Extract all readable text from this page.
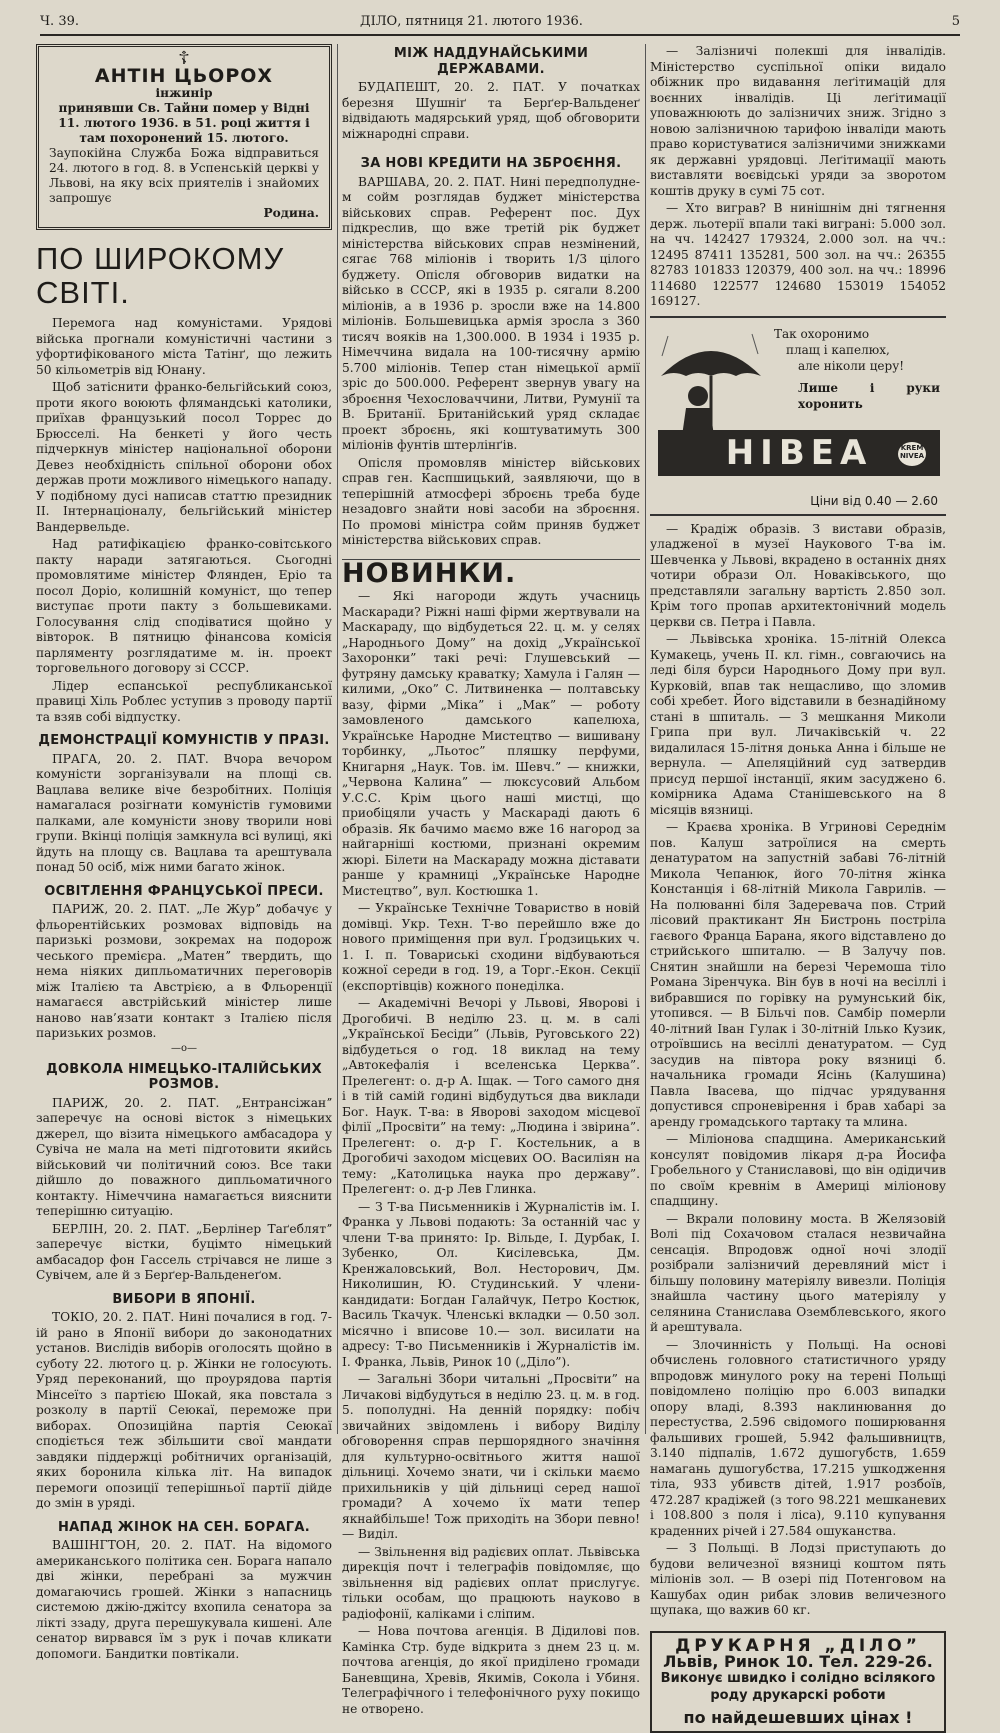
Ч. 39.	ДІЛО, пятниця 21. лютого 1936.	5
☦
АНТІН ЦЬОРОХ
інжинір
принявши Св. Тайни помер у Відні 11. лютого 1936. в 51. році життя і там похоронений 15. лютого.
Заупокійна Служба Божа відправиться 24. лютого в год. 8. в Успенській церкві у Львові, на яку всіх приятелів і знайомих запрошує
Родина.
ПО ШИРОКОМУ СВІТІ.

Перемога над комуністами. Урядові війська прогнали комуністичні частини з уфортифікованого міста Татінґ, що лежить 50 кільометрів від Юнану.

Щоб затіснити франко-бельгійський союз, проти якого воюють флямандські католики, приїхав французький посол Торрес до Брюсселі. На бенкеті у його честь підчеркнув міністер національної оборони Девез необхідність спільної оборони обох держав проти можливого німецького нападу. У подібному дусі написав статтю президник II. Інтернаціоналу, бельгійський міністер Вандервельде.

Над ратифікацією франко-совітського пакту наради затягаються. Сьогодні промовлятиме міністер Флянден, Еріо та посол Доріо, колишній комуніст, що тепер виступає проти пакту з большевиками. Голосування слід сподіватися щойно у вівторок. В пятницю фінансова комісія парляменту розглядатиме м. ін. проект торговельного договору зі СССР.

Лідер еспанської республиканської правиці Хіль Роблес уступив з проводу партії та взяв собі відпустку.

ДЕМОНСТРАЦІЇ КОМУНІСТІВ У ПРАЗІ.

ПРАГА, 20. 2. ПАТ. Вчора вечором комуністи зорганізували на площі св. Вацлава велике віче безробітних. Поліція намагалася розігнати комуністів гумовими палками, але комуністи знову творили нові групи. Вкінці поліція замкнула всі вулиці, які йдуть на площу св. Вацлава та арештувала понад 50 осіб, між ними багато жінок.

ОСВІТЛЕННЯ ФРАНЦУСЬКОЇ ПРЕСИ.

ПАРИЖ, 20. 2. ПАТ. „Ле Журˮ добачує у фльорентійських розмовах відповідь на паризькі розмови, зокремах на подорож чеського премієра. „Матенˮ твердить, що нема ніяких дипльоматичних переговорів між Італією та Австрією, а в Фльоренції намагаєся австрійський міністер лише наново нав’язати контакт з Італією після паризьких розмов.

—o—
ДОВКОЛА НІМЕЦЬКО-ІТАЛІЙСЬКИХ РОЗМОВ.

ПАРИЖ, 20. 2. ПАТ. „Ентрансіжанˮ заперечує на основі вісток з німецьких джерел, що візита німецького амбасадора у Сувіча не мала на меті підготовити якийсь військовий чи політичний союз. Все таки дійшло до поважного дипльоматичного контакту. Німеччина намагається вияснити теперішню ситуацію.

БЕРЛІН, 20. 2. ПАТ. „Берлінер Таґеблятˮ заперечує вістки, буцімто німецький амбасадор фон Гассель стрічався не лише з Сувічем, але й з Берґер-Вальденеґом.

ВИБОРИ В ЯПОНІЇ.

ТОКІО, 20. 2. ПАТ. Нині почалися в год. 7-ій рано в Японії вибори до законодатних установ. Вислідів виборів оголосять щойно в суботу 22. лютого ц. р. Жінки не голосують. Уряд переконаний, що проурядова партія Мінсеїто з партією Шокай, яка повстала з розколу в партії Сеюкаї, переможе при виборах. Опозиційна партія Сеюкаї сподіється теж збільшити свої мандати завдяки піддержці робітничих організацій, яких боронила кілька літ. На випадок перемоги опозиції теперішньої партії дійде до змін в уряді.

НАПАД ЖІНОК НА СЕН. БОРАГА.

ВАШІНГТОН, 20. 2. ПАТ. На відомого американського політика сен. Борага напало дві жінки, перебрані за мужчин домагаючись грошей. Жінки з напасниць системою джію-джітсу вхопила сенатора за лікті ззаду, друга перешукувала кишені. Але сенатор вирвався їм з рук і почав кликати допомоги. Бандитки повтікали.

МІЖ НАДДУНАЙСЬКИМИ ДЕРЖАВАМИ.

БУДАПЕШТ, 20. 2. ПАТ. У початках березня Шушніґ та Берґер-Вальденеґ відвідають мадярський уряд, щоб обговорити міжнародні справи.

ЗА НОВІ КРЕДИТИ НА ЗБРОЄННЯ.

ВАРШАВА, 20. 2. ПАТ. Нині передполуднем сойм розглядав буджет міністерства військових справ. Референт пос. Дух підкреслив, що вже третій рік буджет міністерства військових справ незмінений, сягає 768 міліонів і творить 1/3 цілого буджету. Опісля обговорив видатки на військо в СССР, які в 1935 р. сягали 8.200 міліонів, а в 1936 р. зросли вже на 14.800 міліонів. Большевицька армія зросла з 360 тисяч вояків на 1,300.000. В 1934 і 1935 р. Німеччина видала на 100-тисячну армію 5.700 міліонів. Тепер стан німецької армії зріс до 500.000. Референт звернув увагу на зброєння Чехословаччини, Литви, Румунії та В. Британії. Британійський уряд складає проект зброєнь, які коштуватимуть 300 міліонів фунтів штерлінґів.

Опісля промовляв міністер військових справ ген. Каспшицький, заявляючи, що в теперішній атмосфері зброєнь треба буде незадовго знайти нові засоби на зброєння. По промові міністра сойм приняв буджет міністерства військових справ.

НОВИНКИ.

— Які нагороди ждуть учасниць Маскаради? Ріжні наші фірми жертвували на Маскараду, що відбудеться 22. ц. м. у селях „Народнього Дому” на дохід „Української Захоронки” такі речі: Глушевський — футряну дамську краватку; Хамула і Галян — килими, „Око” С. Литвиненка — полтавську вазу, фірми „Міка” і „Мак” — роботу замовленого дамського капелюха, Українське Народне Мистецтво — вишивану торбинку, „Льотос” пляшку перфуми, Книгарня „Наук. Тов. ім. Шевч.” — книжки, „Червона Калина” — люксусовий Альбом У.С.С. Крім цього наші мистці, що приобіцяли участь у Маскараді дають 6 образів. Як бачимо маємо вже 16 нагород за найгарніші костюми, признані окремим жюрі. Білети на Маскараду можна діставати ранше у крамниці „Українське Народне Мистецтво”, вул. Костюшка 1.

— Українське Технічне Товариство в новій домівці. Укр. Техн. Т-во перейшло вже до нового приміщення при вул. Ґродзицьких ч. 1. І. п. Товариські сходини відбуваються кожної середи в год. 19, а Торг.-Екон. Секції (експортівців) кожного понеділка.

— Академічні Вечорі у Львові, Яворові і Дрогобичі. В неділю 23. ц. м. в салі „Української Бесіди” (Львів, Руговського 22) відбудеться о год. 18 виклад на тему „Автокефалія і вселенська Церква”. Прелегент: о. д-р А. Іщак. — Того самого дня і в тій самій годині відбудуться два виклади Бог. Наук. Т-ва: в Яворові заходом місцевої філії „Просвіти” на тему: „Людина і звірина”. Прелегент: о. д-р Г. Костельник, а в Дрогобичі заходом місцевих ОО. Василіян на тему: „Католицька наука про державу”. Прелегент: о. д-р Лев Глинка.

— З Т-ва Письменників і Журналістів ім. І. Франка у Львові подають: За останній час у члени Т-ва принято: Ір. Вільде, І. Дурбак, І. Зубенко, Ол. Кисілевська, Дм. Кренжаловський, Вол. Несторович, Дм. Николишин, Ю. Студинський. У члени-кандидати: Богдан Галайчук, Петро Костюк, Василь Ткачук. Членські вкладки — 0.50 зол. місячно і вписове 10.— зол. висилати на адресу: Т-во Письменників і Журналістів ім. І. Франка, Львів, Ринок 10 („Діло”).

— Загальні Збори читальні „Просвіти” на Личакові відбудуться в неділю 23. ц. м. в год. 5. пополудні. На денній порядку: побіч звичайних звідомлень і вибору Виділу обговорення справ першорядного значіння для культурно-освітнього життя нашої дільниці. Хочемо знати, чи і скільки маємо прихильників у цій дільниці серед нашої громади? А хочемо їх мати тепер якнайбільше! Тож приходіть на Збори певно! — Виділ.

— Звільнення від радієвих оплат. Львівська дирекція почт і телеграфів повідомляє, що звільнення від радієвих оплат прислугує. тільки особам, що працюють науково в радіофонії, каліками і сліпим.

— Нова почтова агенція. В Дідилові пов. Камінка Стр. буде відкрита з днем 23 ц. м. почтова агенція, до якої приділено громади Баневщина, Хревів, Якимів, Сокола і Убиня. Телеграфічного і телефонічного руху покищо не отворено.

— Залізничі полекші для інвалідів. Міністерство суспільної опіки видало обіжник про видавання леґітимацій для воєнних інвалідів. Ці леґітимації уповажнюють до залізничих зниж. Згідно з новою залізничною тарифою інваліди мають право користуватися залізничими знижками як державні урядовці. Леґітимації мають виставляти воєвідські уряди за зворотом коштів друку в сумі 75 сот.

— Хто виграв? В нинішнім дні тягнення держ. льотерії впали такі виграні: 5.000 зол. на чч. 142427 179324, 2.000 зол. на чч.: 12495 87411 135281, 500 зол. на чч.: 26355 82783 101833 120379, 400 зол. на чч.: 18996 114680 122577 124680 153019 154052 169127.

Так охоронимо
плащ і капелюх,
але ніколи церу!
Лише і руки хоронить
НІВЕА	KREM NIVEA
Ціни від 0.40 — 2.60

— Крадіж образів. З вистави образів, уладженої в музеї Наукового Т-ва ім. Шевченка у Львові, вкрадено в останніх днях чотири образи Ол. Новаківського, що представляли загальну вартість 2.850 зол. Крім того пропав архитектонічний модель церкви св. Петра і Павла.

— Львівська хроніка. 15-літній Олекса Кумакець, учень II. кл. гімн., совгаючись на леді біля бурси Народнього Дому при вул. Курковій, впав так нещасливо, що зломив собі хребет. Його відставили в безнадійному стані в шпиталь. — З мешкання Миколи Грипа при вул. Личаківській ч. 22 видалилася 15-літня донька Анна і більше не вернула. — Апеляційний суд затвердив присуд першої інстанції, яким засуджено 6. комірника Адама Станішевського на 8 місяців вязниці.

— Краєва хроніка. В Угринові Середнім пов. Калуш затроїлися на смерть денатуратом на запустній забаві 76-літній Микола Чепанюк, його 70-літня жінка Констанція і 68-літній Микола Гаврилів. — На полюванні біля Задеревача пов. Стрий лісовий практикант Ян Бистронь постріла гаєвого Франца Барана, якого відставлено до стрийського шпиталю. — В Залучу пов. Снятин знайшли на березі Черемоша тіло Романа Зіренчука. Він був в ночі на весіллі і вибравшися по горівку на румунський бік, утопився. — В Більчі пов. Самбір померли 40-літний Іван Гулак і 30-літній Ілько Кузик, отроївшись на весіллі денатуратом. — Суд засудив на півтора року вязниці б. начальника громади Ясінь (Калушина) Павла Івасева, що підчас урядування допустився спроневірення і брав хабарі за аренду громадського тартаку та млина.

— Міліонова спадщина. Американський консулят повідомив лікаря д-ра Йосифа Гробельного у Станиславові, що він одідичив по своїм кревнім в Америці міліонову спадщину.

— Вкрали половину моста. В Желязовій Волі під Сохачовом сталася незвичайна сенсація. Впродовж одної ночі злодії розібрали залізничий деревляний міст і більшу половину матеріялу вивезли. Поліція знайшла частину цього матеріялу у селянина Станислава Оземблевського, якого й арештувала.

— Злочинність у Польщі. На основі обчислень головного статистичного уряду впродовж минулого року на терені Польщі повідомлено поліцію про 6.003 випадки опору владі, 8.393 наклинювання до перестуства, 2.596 свідомого поширювання фальшивих грошей, 5.942 фальшивництв, 3.140 підпалів, 1.672 душогубств, 1.659 намагань душогубства, 17.215 ушкодження тіла, 933 убивств дітей, 1.917 розбоїв, 472.287 крадіжей (з того 98.221 мешканевих і 108.800 з поля і ліса), 9.110 купування краденних річей і 27.584 ошуканства.

— З Польщі. В Лодзі приступають до будови величезної вязниці коштом пять міліонів зол. — В озері під Потенговом на Кашубах один рибак зловив величезного щупака, що важив 60 кг.

ДРУКАРНЯ „ДІЛО”
Львів, Ринок 10. Тел. 229-26.
Виконує швидко і солідно всілякого
роду друкарскі роботи
по найдешевших цінах !
